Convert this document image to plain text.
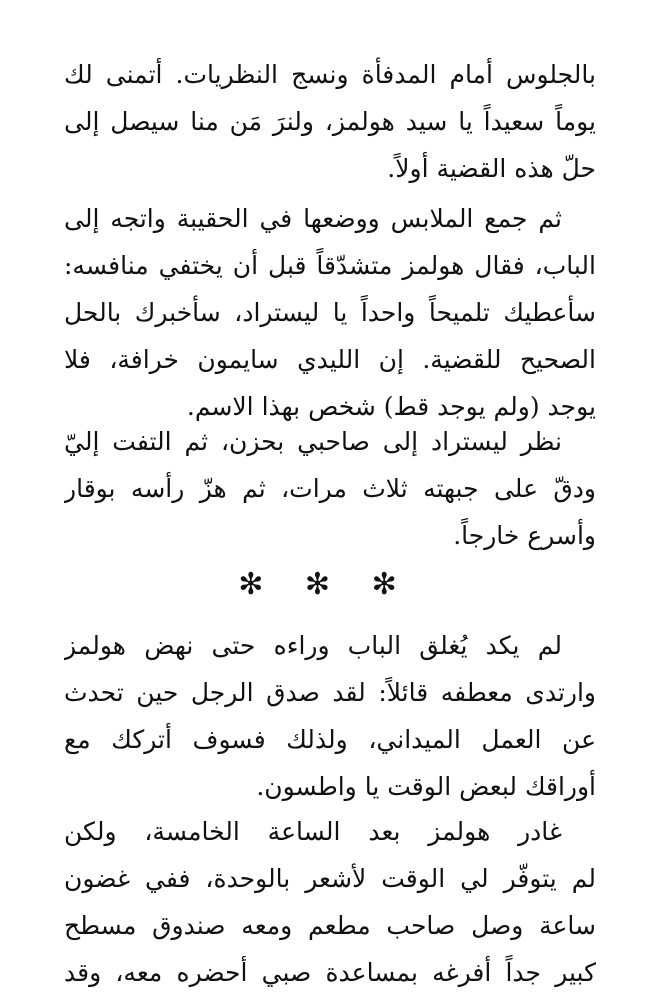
بالجلوس أمام المدفأة ونسج النظريات. أتمنى لك
يوماً سعيداً يا سيد هولمز، ولنرَ مَن منا سيصل إلى
حلّ هذه القضية أولاً.
ثم جمع الملابس ووضعها في الحقيبة واتجه إلى
الباب، فقال هولمز متشدّقاً قبل أن يختفي منافسه:
سأعطيك تلميحاً واحداً يا ليستراد، سأخبرك بالحل
الصحيح للقضية. إن الليدي سايمون خرافة، فلا
يوجد (ولم يوجد قط) شخص بهذا الاسم.
نظر ليستراد إلى صاحبي بحزن، ثم التفت إليّ
ودقّ على جبهته ثلاث مرات، ثم هزّ رأسه بوقار
وأسرع خارجاً.
✻ ✻ ✻
لم يكد يُغلق الباب وراءه حتى نهض هولمز
وارتدى معطفه قائلاً: لقد صدق الرجل حين تحدث
عن العمل الميداني، ولذلك فسوف أتركك مع
أوراقك لبعض الوقت يا واطسون.
غادر هولمز بعد الساعة الخامسة، ولكن
لم يتوفّر لي الوقت لأشعر بالوحدة، ففي غضون
ساعة وصل صاحب مطعم ومعه صندوق مسطح
كبير جداً أفرغه بمساعدة صبي أحضره معه، وقد
